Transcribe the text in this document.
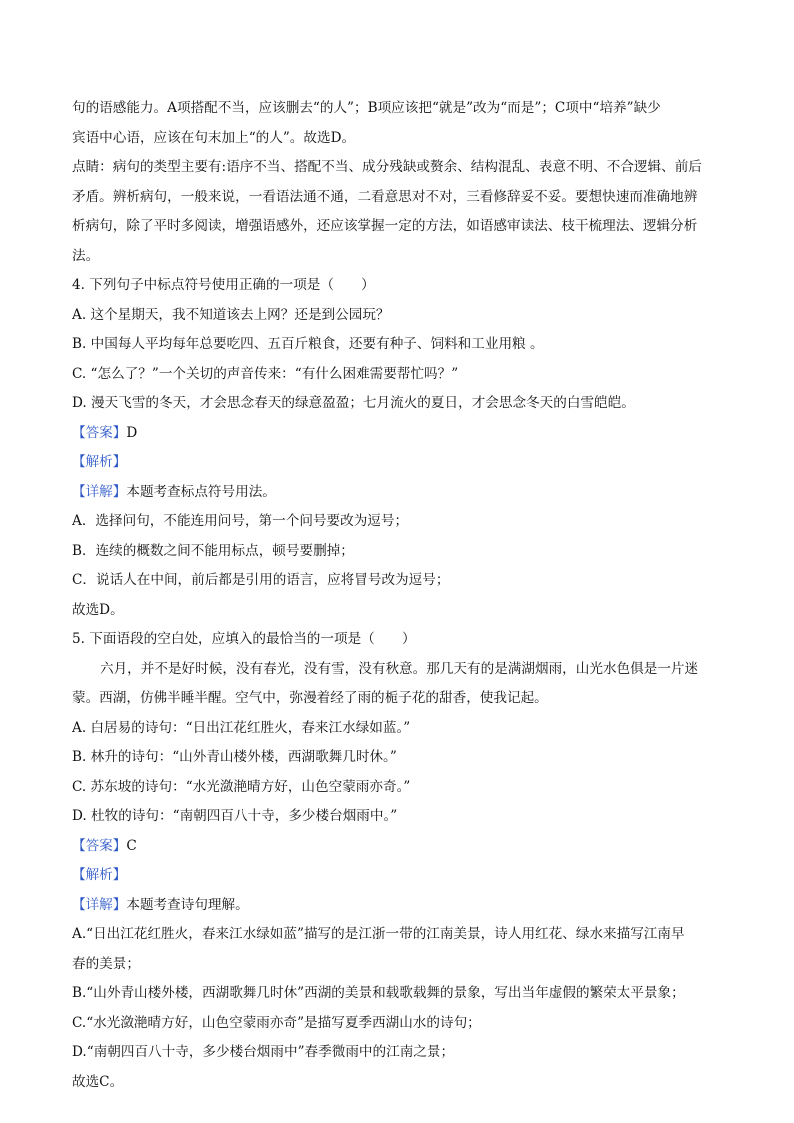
句的语感能力。A项搭配不当，应该删去“的人”；B项应该把“就是”改为“而是”；C项中“培养”缺少
宾语中心语，应该在句末加上“的人”。故选D。
点睛：病句的类型主要有:语序不当、搭配不当、成分残缺或赘余、结构混乱、表意不明、不合逻辑、前后
矛盾。辨析病句，一般来说，一看语法通不通，二看意思对不对，三看修辞妥不妥。要想快速而准确地辨
析病句，除了平时多阅读，增强语感外，还应该掌握一定的方法，如语感审读法、枝干梳理法、逻辑分析
法。
4. 下列句子中标点符号使用正确的一项是（　　）
A. 这个星期天，我不知道该去上网？还是到公园玩？
B. 中国每人平均每年总要吃四、五百斤粮食，还要有种子、饲料和工业用粮 。
C. “怎么了？”一个关切的声音传来：“有什么困难需要帮忙吗？”
D. 漫天飞雪的冬天，才会思念春天的绿意盈盈；七月流火的夏日，才会思念冬天的白雪皑皑。
【答案】D
【解析】
【详解】本题考查标点符号用法。
A．选择问句，不能连用问号，第一个问号要改为逗号；
B．连续的概数之间不能用标点，顿号要删掉；
C．说话人在中间，前后都是引用的语言，应将冒号改为逗号；
故选D。
5. 下面语段的空白处，应填入的最恰当的一项是（　　）
六月，并不是好时候，没有春光，没有雪，没有秋意。那几天有的是满湖烟雨，山光水色俱是一片迷
蒙。西湖，仿佛半睡半醒。空气中，弥漫着经了雨的栀子花的甜香，使我记起。
A. 白居易的诗句：“日出江花红胜火，春来江水绿如蓝。”
B. 林升的诗句：“山外青山楼外楼，西湖歌舞几时休。”
C. 苏东坡的诗句：“水光潋滟晴方好，山色空蒙雨亦奇。”
D. 杜牧的诗句：“南朝四百八十寺，多少楼台烟雨中。”
【答案】C
【解析】
【详解】本题考查诗句理解。
A.“日出江花红胜火，春来江水绿如蓝”描写的是江浙一带的江南美景，诗人用红花、绿水来描写江南早
春的美景；
B.“山外青山楼外楼，西湖歌舞几时休”西湖的美景和载歌载舞的景象，写出当年虚假的繁荣太平景象；
C.“水光潋滟晴方好，山色空蒙雨亦奇”是描写夏季西湖山水的诗句；
D.“南朝四百八十寺，多少楼台烟雨中”春季微雨中的江南之景；
故选C。
